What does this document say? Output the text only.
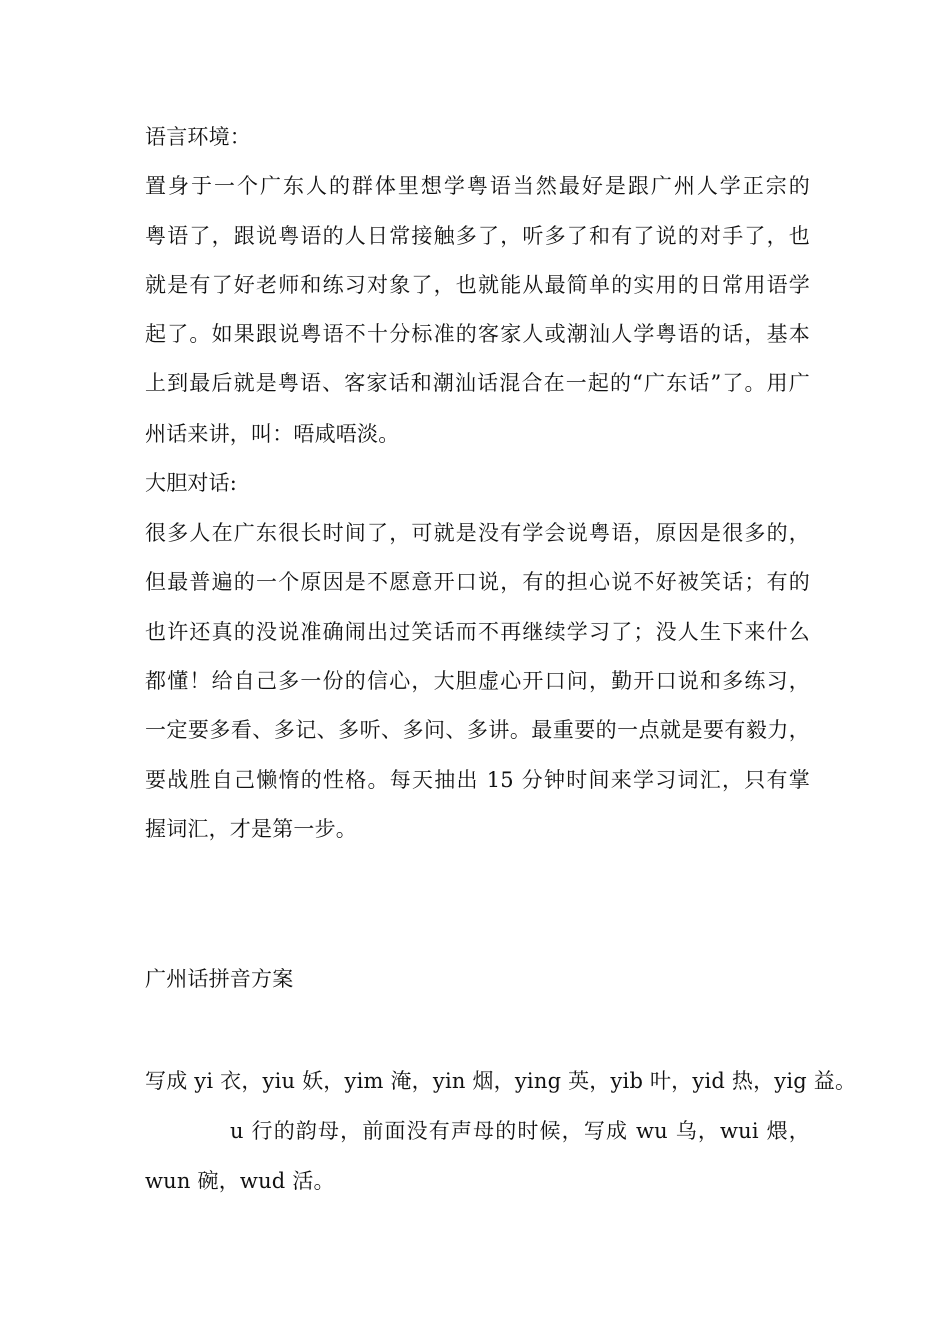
语言环境：
置身于一个广东人的群体里想学粤语当然最好是跟广州人学正宗的
粤语了，跟说粤语的人日常接触多了，听多了和有了说的对手了，也
就是有了好老师和练习对象了，也就能从最简单的实用的日常用语学
起了。如果跟说粤语不十分标准的客家人或潮汕人学粤语的话，基本
上到最后就是粤语、客家话和潮汕话混合在一起的“广东话”了。用广
州话来讲，叫：唔咸唔淡。
大胆对话:
很多人在广东很长时间了，可就是没有学会说粤语，原因是很多的，
但最普遍的一个原因是不愿意开口说，有的担心说不好被笑话；有的
也许还真的没说准确闹出过笑话而不再继续学习了；没人生下来什么
都懂！给自己多一份的信心，大胆虚心开口问，勤开口说和多练习，
一定要多看、多记、多听、多问、多讲。最重要的一点就是要有毅力，
要战胜自己懒惰的性格。每天抽出 15 分钟时间来学习词汇，只有掌
握词汇，才是第一步。
广州话拼音方案
写成 yi 衣，yiu 妖，yim 淹，yin 烟，ying 英，yib 叶，yid 热，yig 益。
u 行的韵母，前面没有声母的时候，写成 wu 乌，wui 煨，
wun 碗，wud 活。
